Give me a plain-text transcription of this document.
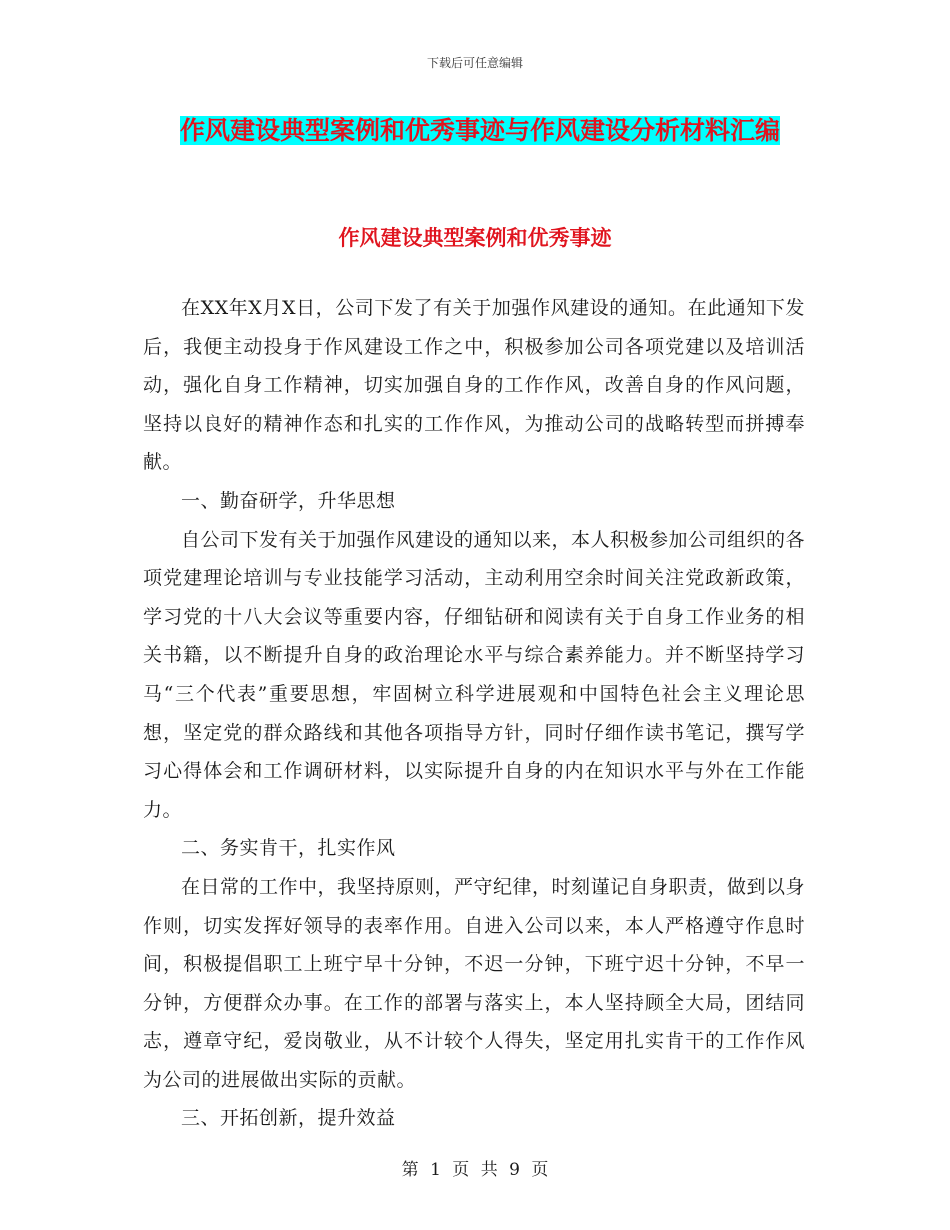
下载后可任意编辑
作风建设典型案例和优秀事迹与作风建设分析材料汇编
作风建设典型案例和优秀事迹

在XX年X月X日，公司下发了有关于加强作风建设的通知。在此通知下发后，我便主动投身于作风建设工作之中，积极参加公司各项党建以及培训活动，强化自身工作精神，切实加强自身的工作作风，改善自身的作风问题，坚持以良好的精神作态和扎实的工作作风，为推动公司的战略转型而拼搏奉献。

一、勤奋研学，升华思想

自公司下发有关于加强作风建设的通知以来，本人积极参加公司组织的各项党建理论培训与专业技能学习活动，主动利用空余时间关注党政新政策，学习党的十八大会议等重要内容，仔细钻研和阅读有关于自身工作业务的相关书籍，以不断提升自身的政治理论水平与综合素养能力。并不断坚持学习马“三个代表”重要思想，牢固树立科学进展观和中国特色社会主义理论思想，坚定党的群众路线和其他各项指导方针，同时仔细作读书笔记，撰写学习心得体会和工作调研材料，以实际提升自身的内在知识水平与外在工作能力。

二、务实肯干，扎实作风

在日常的工作中，我坚持原则，严守纪律，时刻谨记自身职责，做到以身作则，切实发挥好领导的表率作用。自进入公司以来，本人严格遵守作息时间，积极提倡职工上班宁早十分钟，不迟一分钟，下班宁迟十分钟，不早一分钟，方便群众办事。在工作的部署与落实上，本人坚持顾全大局，团结同志，遵章守纪，爱岗敬业，从不计较个人得失，坚定用扎实肯干的工作作风为公司的进展做出实际的贡献。

三、开拓创新，提升效益

第 1 页 共 9 页
